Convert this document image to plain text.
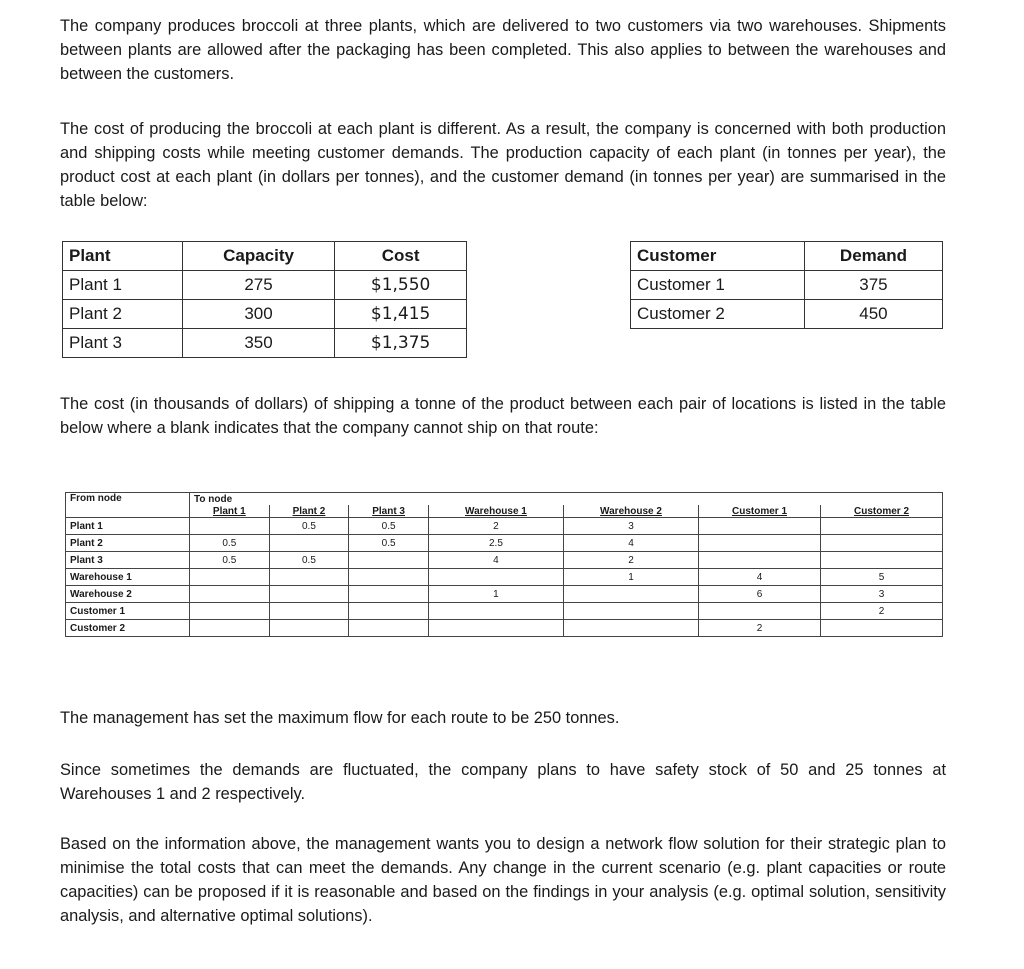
The company produces broccoli at three plants, which are delivered to two customers via two warehouses. Shipments between plants are allowed after the packaging has been completed. This also applies to between the warehouses and between the customers.

The cost of producing the broccoli at each plant is different. As a result, the company is concerned with both production and shipping costs while meeting customer demands. The production capacity of each plant (in tonnes per year), the product cost at each plant (in dollars per tonnes), and the customer demand (in tonnes per year) are summarised in the table below:

Plant	Capacity	Cost
Plant 1	275	$1,550
Plant 2	300	$1,415
Plant 3	350	$1,375
Customer	Demand
Customer 1	375
Customer 2	450

The cost (in thousands of dollars) of shipping a tonne of the product between each pair of locations is listed in the table below where a blank indicates that the company cannot ship on that route:

From node	To node						
	Plant 1	Plant 2	Plant 3	Warehouse 1	Warehouse 2	Customer 1	Customer 2
Plant 1		0.5	0.5	2	3		
Plant 2	0.5		0.5	2.5	4		
Plant 3	0.5	0.5		4	2		
Warehouse 1					1	4	5
Warehouse 2				1		6	3
Customer 1							2
Customer 2						2	

The management has set the maximum flow for each route to be 250 tonnes.

Since sometimes the demands are fluctuated, the company plans to have safety stock of 50 and 25 tonnes at Warehouses 1 and 2 respectively.

Based on the information above, the management wants you to design a network flow solution for their strategic plan to minimise the total costs that can meet the demands. Any change in the current scenario (e.g. plant capacities or route capacities) can be proposed if it is reasonable and based on the findings in your analysis (e.g. optimal solution, sensitivity analysis, and alternative optimal solutions).
